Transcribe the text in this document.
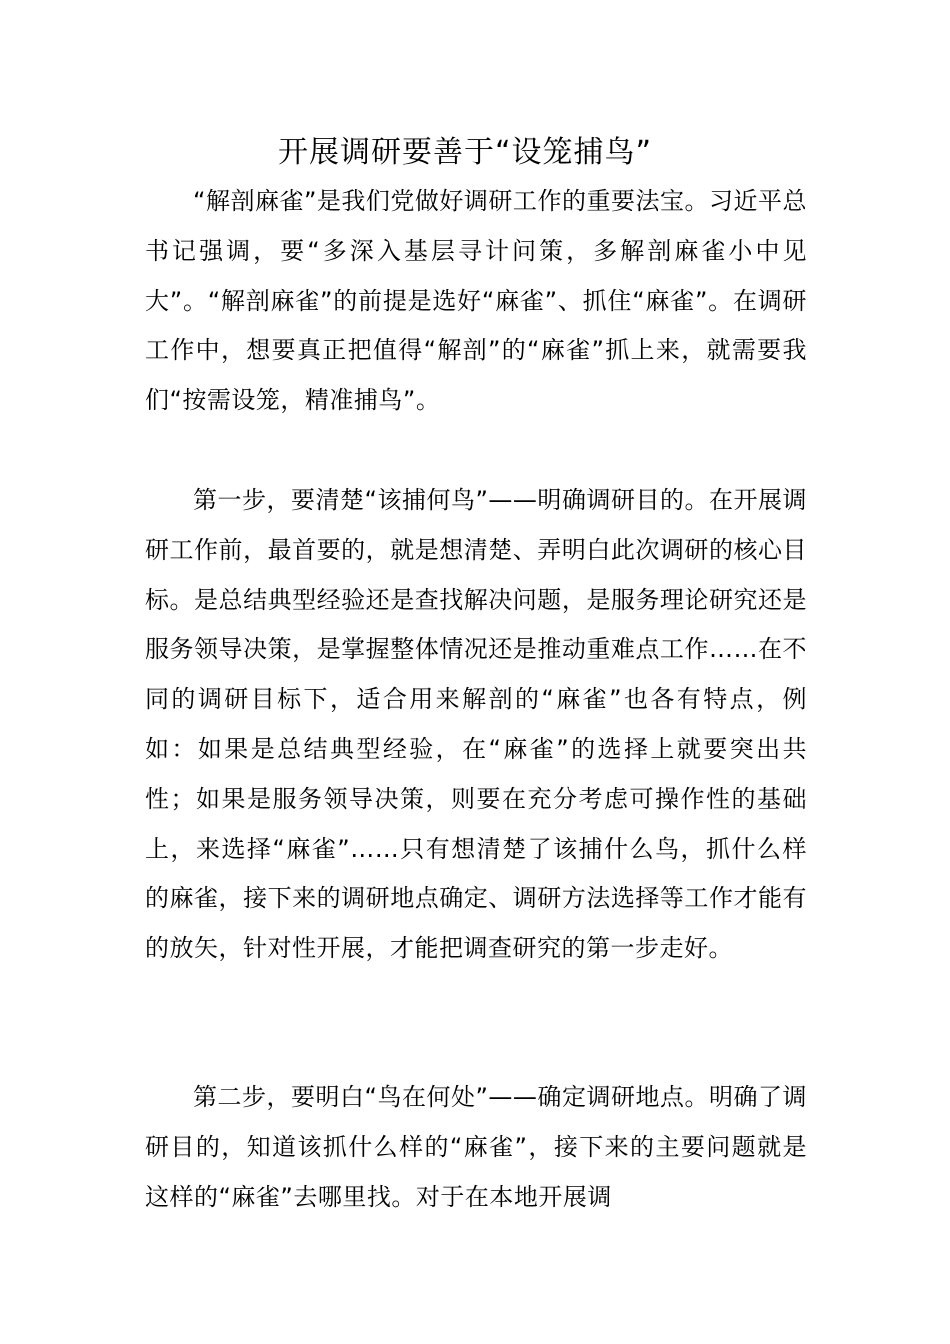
开展调研要善于“设笼捕鸟”

“解剖麻雀”是我们党做好调研工作的重要法宝。习近平总书记强调，要“多深入基层寻计问策，多解剖麻雀小中见大”。“解剖麻雀”的前提是选好“麻雀”、抓住“麻雀”。在调研工作中，想要真正把值得“解剖”的“麻雀”抓上来，就需要我们“按需设笼，精准捕鸟”。

第一步，要清楚“该捕何鸟”——明确调研目的。在开展调研工作前，最首要的，就是想清楚、弄明白此次调研的核心目标。是总结典型经验还是查找解决问题，是服务理论研究还是服务领导决策，是掌握整体情况还是推动重难点工作……在不同的调研目标下，适合用来解剖的“麻雀”也各有特点，例如：如果是总结典型经验，在“麻雀”的选择上就要突出共性；如果是服务领导决策，则要在充分考虑可操作性的基础上，来选择“麻雀”……只有想清楚了该捕什么鸟，抓什么样的麻雀，接下来的调研地点确定、调研方法选择等工作才能有的放矢，针对性开展，才能把调查研究的第一步走好。

第二步，要明白“鸟在何处”——确定调研地点。明确了调研目的，知道该抓什么样的“麻雀”，接下来的主要问题就是这样的“麻雀”去哪里找。对于在本地开展调
